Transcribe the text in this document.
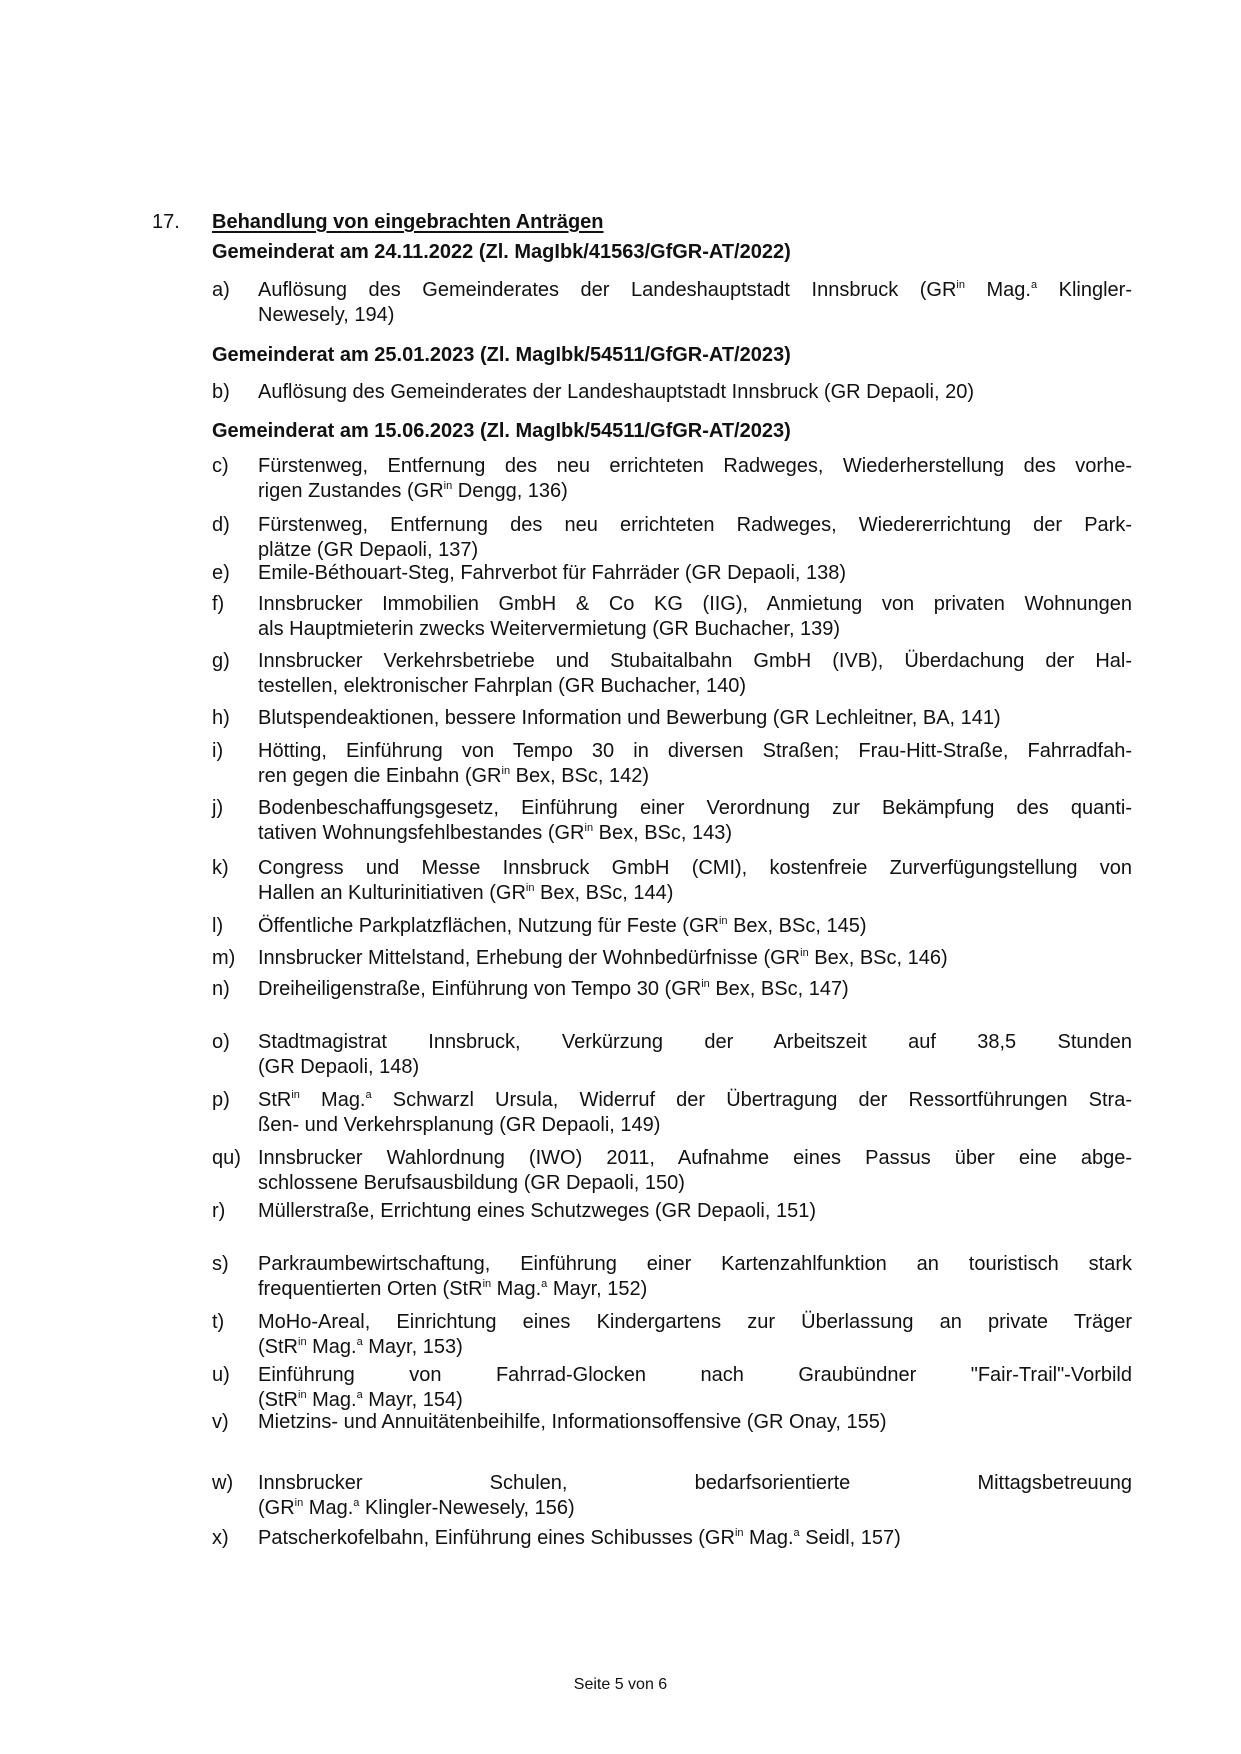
17. Behandlung von eingebrachten Anträgen
Gemeinderat am 24.11.2022 (Zl. MagIbk/41563/GfGR-AT/2022)
a) Auflösung des Gemeinderates der Landeshauptstadt Innsbruck ($GR^{in}$ Mag.$^a$ Klingler-
Newesely, 194)
Gemeinderat am 25.01.2023 (Zl. MagIbk/54511/GfGR-AT/2023)
b) Auflösung des Gemeinderates der Landeshauptstadt Innsbruck (GR Depaoli, 20)
Gemeinderat am 15.06.2023 (Zl. MagIbk/54511/GfGR-AT/2023)
c) Fürstenweg, Entfernung des neu errichteten Radweges, Wiederherstellung des vorhe-
rigen Zustandes ($GR^{in}$ Dengg, 136)
d) Fürstenweg, Entfernung des neu errichteten Radweges, Wiedererrichtung der Park-
plätze (GR Depaoli, 137)
e) Emile-Béthouart-Steg, Fahrverbot für Fahrräder (GR Depaoli, 138)
f) Innsbrucker Immobilien GmbH & Co KG (IIG), Anmietung von privaten Wohnungen
als Hauptmieterin zwecks Weitervermietung (GR Buchacher, 139)
g) Innsbrucker Verkehrsbetriebe und Stubaitalbahn GmbH (IVB), Überdachung der Hal-
testellen, elektronischer Fahrplan (GR Buchacher, 140)
h) Blutspendeaktionen, bessere Information und Bewerbung (GR Lechleitner, BA, 141)
i) Hötting, Einführung von Tempo 30 in diversen Straßen; Frau-Hitt-Straße, Fahrradfah-
ren gegen die Einbahn ($GR^{in}$ Bex, BSc, 142)
j) Bodenbeschaffungsgesetz, Einführung einer Verordnung zur Bekämpfung des quanti-
tativen Wohnungsfehlbestandes ($GR^{in}$ Bex, BSc, 143)
k) Congress und Messe Innsbruck GmbH (CMI), kostenfreie Zurverfügungstellung von
Hallen an Kulturinitiativen ($GR^{in}$ Bex, BSc, 144)
l) Öffentliche Parkplatzflächen, Nutzung für Feste ($GR^{in}$ Bex, BSc, 145)
m) Innsbrucker Mittelstand, Erhebung der Wohnbedürfnisse ($GR^{in}$ Bex, BSc, 146)
n) Dreiheiligenstraße, Einführung von Tempo 30 ($GR^{in}$ Bex, BSc, 147)
o) Stadtmagistrat Innsbruck, Verkürzung der Arbeitszeit auf 38,5 Stunden
(GR Depaoli, 148)
p) StR$^{in}$ Mag.$^a$ Schwarzl Ursula, Widerruf der Übertragung der Ressortführungen Stra-
ßen- und Verkehrsplanung (GR Depaoli, 149)
qu) Innsbrucker Wahlordnung (IWO) 2011, Aufnahme eines Passus über eine abge-
schlossene Berufsausbildung (GR Depaoli, 150)
r) Müllerstraße, Errichtung eines Schutzweges (GR Depaoli, 151)
s) Parkraumbewirtschaftung, Einführung einer Kartenzahlfunktion an touristisch stark
frequentierten Orten (StR$^{in}$ Mag.$^a$ Mayr, 152)
t) MoHo-Areal, Einrichtung eines Kindergartens zur Überlassung an private Träger
(StR$^{in}$ Mag.$^a$ Mayr, 153)
u) Einführung von Fahrrad-Glocken nach Graubündner "Fair-Trail"-Vorbild
(StR$^{in}$ Mag.$^a$ Mayr, 154)
v) Mietzins- und Annuitätenbeihilfe, Informationsoffensive (GR Onay, 155)
w) Innsbrucker Schulen, bedarfsorientierte Mittagsbetreuung
($GR^{in}$ Mag.$^a$ Klingler-Newesely, 156)
x) Patscherkofelbahn, Einführung eines Schibusses ($GR^{in}$ Mag.$^a$ Seidl, 157)
Seite 5 von 6
